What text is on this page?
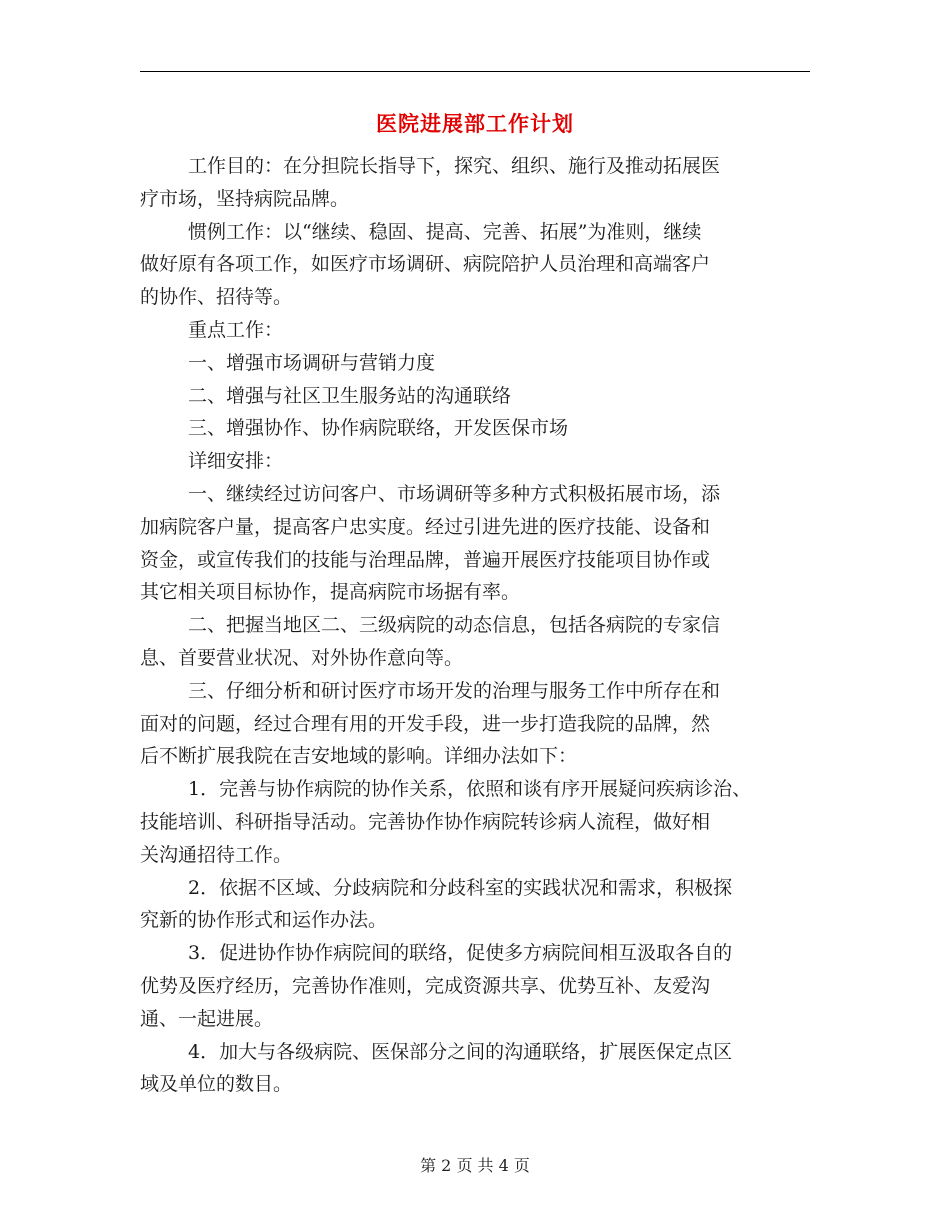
医院进展部工作计划

工作目的：在分担院长指导下，探究、组织、施行及推动拓展医
疗市场，坚持病院品牌。

惯例工作：以“继续、稳固、提高、完善、拓展”为准则，继续
做好原有各项工作，如医疗市场调研、病院陪护人员治理和高端客户
的协作、招待等。

重点工作：

一、增强市场调研与营销力度

二、增强与社区卫生服务站的沟通联络

三、增强协作、协作病院联络，开发医保市场

详细安排：

一、继续经过访问客户、市场调研等多种方式积极拓展市场，添
加病院客户量，提高客户忠实度。经过引进先进的医疗技能、设备和
资金，或宣传我们的技能与治理品牌，普遍开展医疗技能项目协作或
其它相关项目标协作，提高病院市场据有率。

二、把握当地区二、三级病院的动态信息，包括各病院的专家信
息、首要营业状况、对外协作意向等。

三、仔细分析和研讨医疗市场开发的治理与服务工作中所存在和
面对的问题，经过合理有用的开发手段，进一步打造我院的品牌，然
后不断扩展我院在吉安地域的影响。详细办法如下：

1．完善与协作病院的协作关系，依照和谈有序开展疑问疾病诊治、
技能培训、科研指导活动。完善协作协作病院转诊病人流程，做好相
关沟通招待工作。

2．依据不区域、分歧病院和分歧科室的实践状况和需求，积极探
究新的协作形式和运作办法。

3．促进协作协作病院间的联络，促使多方病院间相互汲取各自的
优势及医疗经历，完善协作准则，完成资源共享、优势互补、友爱沟
通、一起进展。

4．加大与各级病院、医保部分之间的沟通联络，扩展医保定点区
域及单位的数目。

第 2 页 共 4 页
